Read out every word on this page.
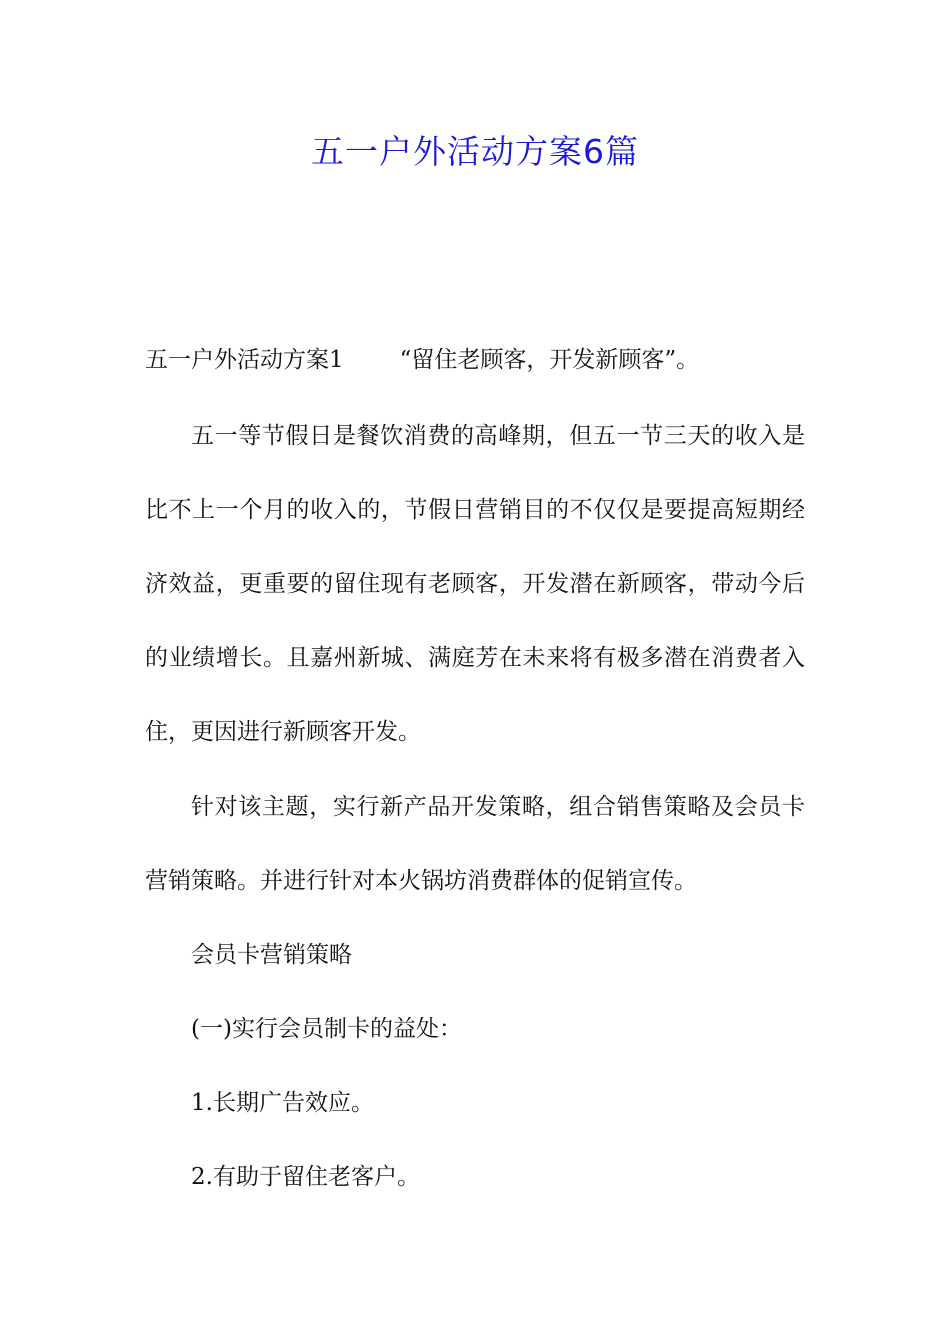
五一户外活动方案6篇

五一户外活动方案1 “留住老顾客，开发新顾客”。

五一等节假日是餐饮消费的高峰期，但五一节三天的收入是比不上一个月的收入的，节假日营销目的不仅仅是要提高短期经济效益，更重要的留住现有老顾客，开发潜在新顾客，带动今后的业绩增长。且嘉州新城、满庭芳在未来将有极多潜在消费者入住，更因进行新顾客开发。

针对该主题，实行新产品开发策略，组合销售策略及会员卡营销策略。并进行针对本火锅坊消费群体的促销宣传。

会员卡营销策略

(一)实行会员制卡的益处：

1.长期广告效应。

2.有助于留住老客户。
